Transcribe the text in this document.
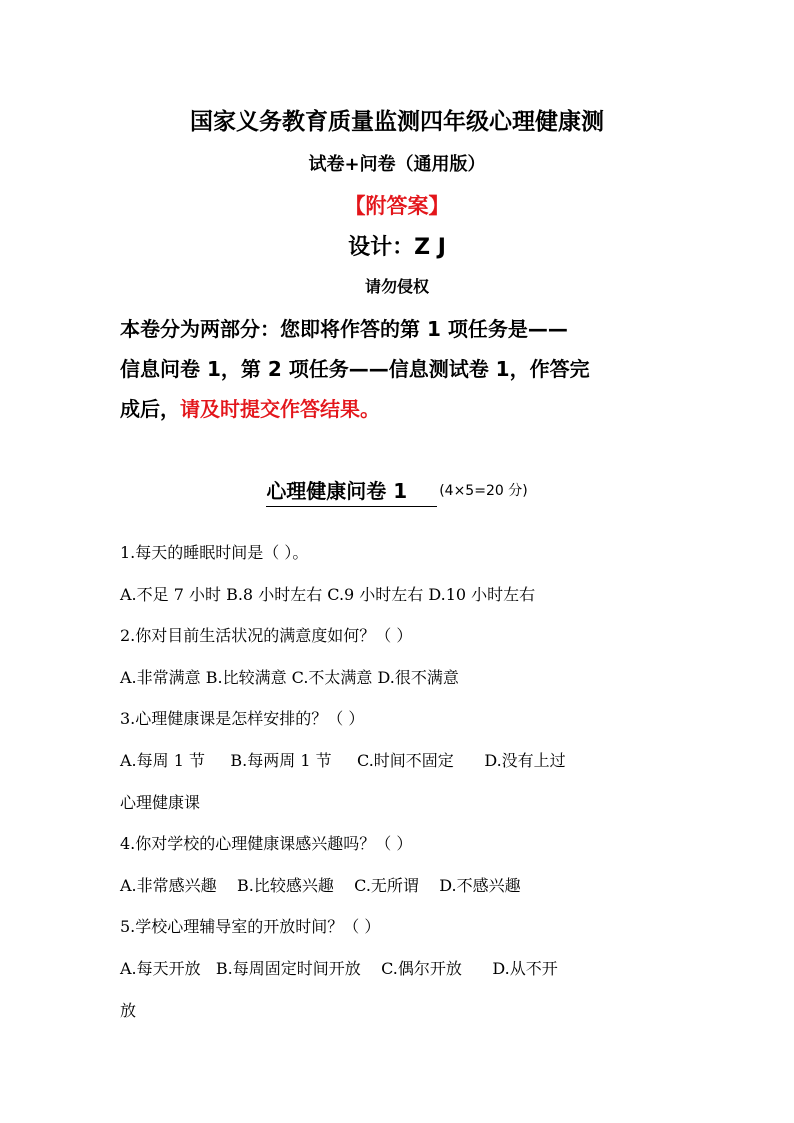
国家义务教育质量监测四年级心理健康测
试卷+问卷（通用版）
【附答案】
设计：Z J
请勿侵权
本卷分为两部分：您即将作答的第 1 项任务是——
信息问卷 1，第 2 项任务——信息测试卷 1，作答完
成后，请及时提交作答结果。
心理健康问卷 1 (4×5=20 分)
1.每天的睡眠时间是（ ）。
A.不足 7 小时 B.8 小时左右 C.9 小时左右 D.10 小时左右
2.你对目前生活状况的满意度如何？（ ）
A.非常满意 B.比较满意 C.不太满意 D.很不满意
3.心理健康课是怎样安排的？（ ）
A.每周 1 节     B.每两周 1 节     C.时间不固定      D.没有上过
心理健康课
4.你对学校的心理健康课感兴趣吗？（ ）
A.非常感兴趣    B.比较感兴趣    C.无所谓    D.不感兴趣
5.学校心理辅导室的开放时间？（ ）
A.每天开放   B.每周固定时间开放    C.偶尔开放      D.从不开
放
